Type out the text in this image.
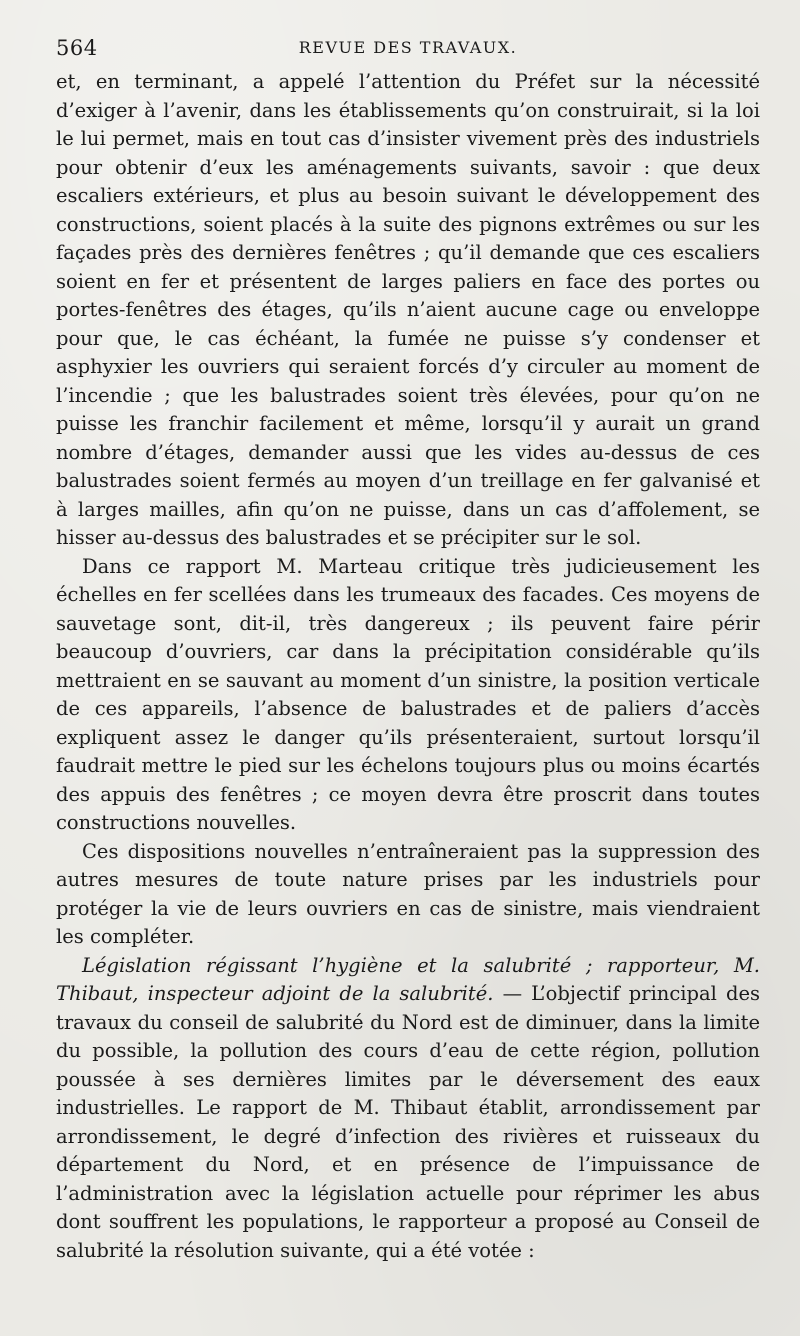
564	REVUE DES TRAVAUX.

et, en terminant, a appelé l’attention du Préfet sur la nécessité d’exiger à l’avenir, dans les établissements qu’on construirait, si la loi le lui permet, mais en tout cas d’insister vivement près des industriels pour obtenir d’eux les aménagements suivants, savoir : que deux escaliers extérieurs, et plus au besoin suivant le développement des constructions, soient placés à la suite des pignons extrêmes ou sur les façades près des dernières fenêtres ; qu’il demande que ces escaliers soient en fer et présentent de larges paliers en face des portes ou portes-fenêtres des étages, qu’ils n’aient aucune cage ou enveloppe pour que, le cas échéant, la fumée ne puisse s’y condenser et asphyxier les ouvriers qui seraient forcés d’y circuler au moment de l’incendie ; que les balustrades soient très élevées, pour qu’on ne puisse les franchir facilement et même, lorsqu’il y aurait un grand nombre d’étages, demander aussi que les vides au-dessus de ces balustrades soient fermés au moyen d’un treillage en fer galvanisé et à larges mailles, afin qu’on ne puisse, dans un cas d’affolement, se hisser au-dessus des balustrades et se précipiter sur le sol.

Dans ce rapport M. Marteau critique très judicieusement les échelles en fer scellées dans les trumeaux des facades. Ces moyens de sauvetage sont, dit-il, très dangereux ; ils peuvent faire périr beaucoup d’ouvriers, car dans la précipitation considérable qu’ils mettraient en se sauvant au moment d’un sinistre, la position verticale de ces appareils, l’absence de balustrades et de paliers d’accès expliquent assez le danger qu’ils présenteraient, surtout lorsqu’il faudrait mettre le pied sur les échelons toujours plus ou moins écartés des appuis des fenêtres ; ce moyen devra être proscrit dans toutes constructions nouvelles.

Ces dispositions nouvelles n’entraîneraient pas la suppression des autres mesures de toute nature prises par les industriels pour protéger la vie de leurs ouvriers en cas de sinistre, mais viendraient les compléter.

Législation régissant l’hygiène et la salubrité ; rapporteur, M. Thibaut, inspecteur adjoint de la salubrité. — L’objectif principal des travaux du conseil de salubrité du Nord est de diminuer, dans la limite du possible, la pollution des cours d’eau de cette région, pollution poussée à ses dernières limites par le déversement des eaux industrielles. Le rapport de M. Thibaut établit, arrondissement par arrondissement, le degré d’infection des rivières et ruisseaux du département du Nord, et en présence de l’impuissance de l’administration avec la législation actuelle pour réprimer les abus dont souffrent les populations, le rapporteur a proposé au Conseil de salubrité la résolution suivante, qui a été votée :
